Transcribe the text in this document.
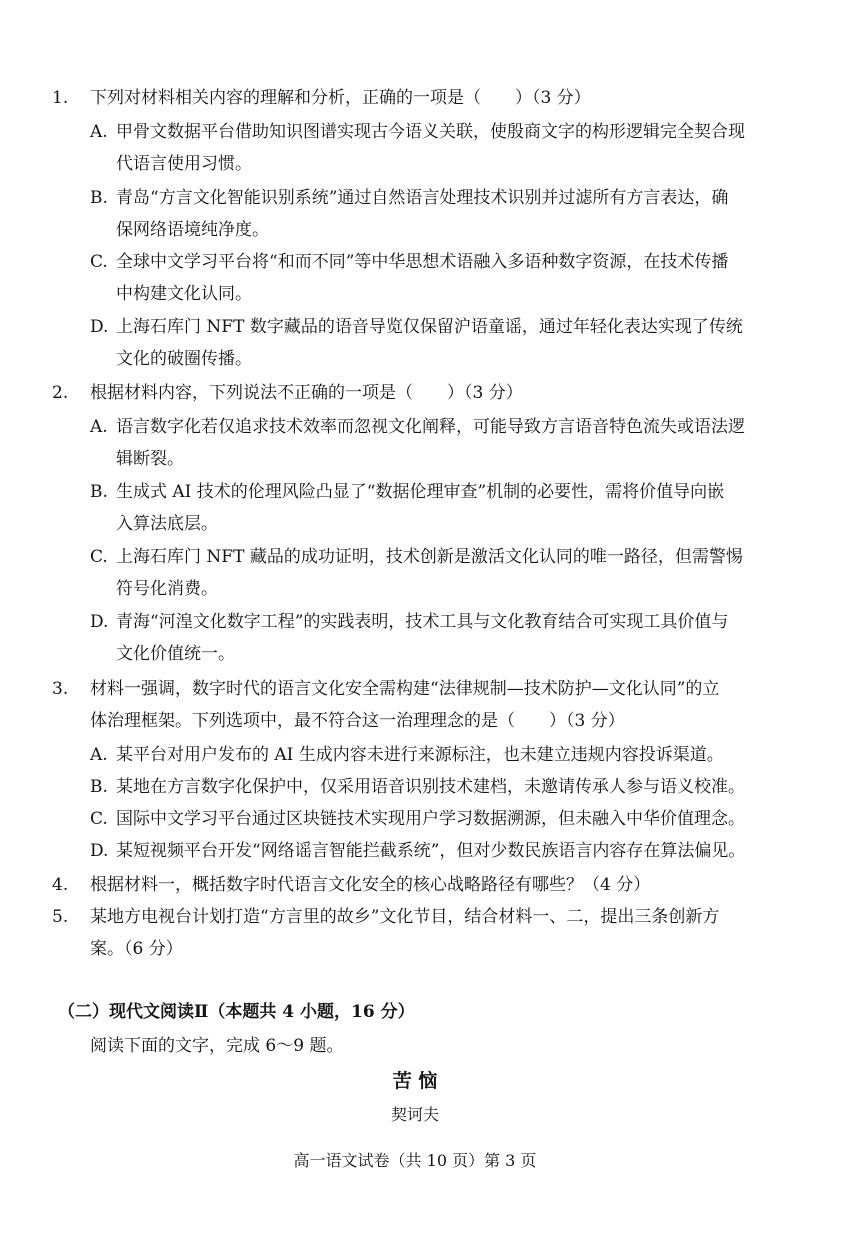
1. 下列对材料相关内容的理解和分析，正确的一项是（　　）（3 分）
A. 甲骨文数据平台借助知识图谱实现古今语义关联，使殷商文字的构形逻辑完全契合现
代语言使用习惯。
B. 青岛“方言文化智能识别系统”通过自然语言处理技术识别并过滤所有方言表达，确
保网络语境纯净度。
C. 全球中文学习平台将“和而不同”等中华思想术语融入多语种数字资源，在技术传播
中构建文化认同。
D. 上海石库门 NFT 数字藏品的语音导览仅保留沪语童谣，通过年轻化表达实现了传统
文化的破圈传播。
2. 根据材料内容，下列说法不正确的一项是（　　）（3 分）
A. 语言数字化若仅追求技术效率而忽视文化阐释，可能导致方言语音特色流失或语法逻
辑断裂。
B. 生成式 AI 技术的伦理风险凸显了“数据伦理审查”机制的必要性，需将价值导向嵌
入算法底层。
C. 上海石库门 NFT 藏品的成功证明，技术创新是激活文化认同的唯一路径，但需警惕
符号化消费。
D. 青海“河湟文化数字工程”的实践表明，技术工具与文化教育结合可实现工具价值与
文化价值统一。
3. 材料一强调，数字时代的语言文化安全需构建“法律规制—技术防护—文化认同”的立
体治理框架。下列选项中，最不符合这一治理理念的是（　　）（3 分）
A. 某平台对用户发布的 AI 生成内容未进行来源标注，也未建立违规内容投诉渠道。
B. 某地在方言数字化保护中，仅采用语音识别技术建档，未邀请传承人参与语义校准。
C. 国际中文学习平台通过区块链技术实现用户学习数据溯源，但未融入中华价值理念。
D. 某短视频平台开发“网络谣言智能拦截系统”，但对少数民族语言内容存在算法偏见。
4. 根据材料一，概括数字时代语言文化安全的核心战略路径有哪些？（4 分）
5. 某地方电视台计划打造“方言里的故乡”文化节目，结合材料一、二，提出三条创新方
案。（6 分）
（二）现代文阅读Ⅱ（本题共 4 小题，16 分）
阅读下面的文字，完成 6～9 题。
苦 恼
契诃夫
高一语文试卷（共 10 页）第 3 页
